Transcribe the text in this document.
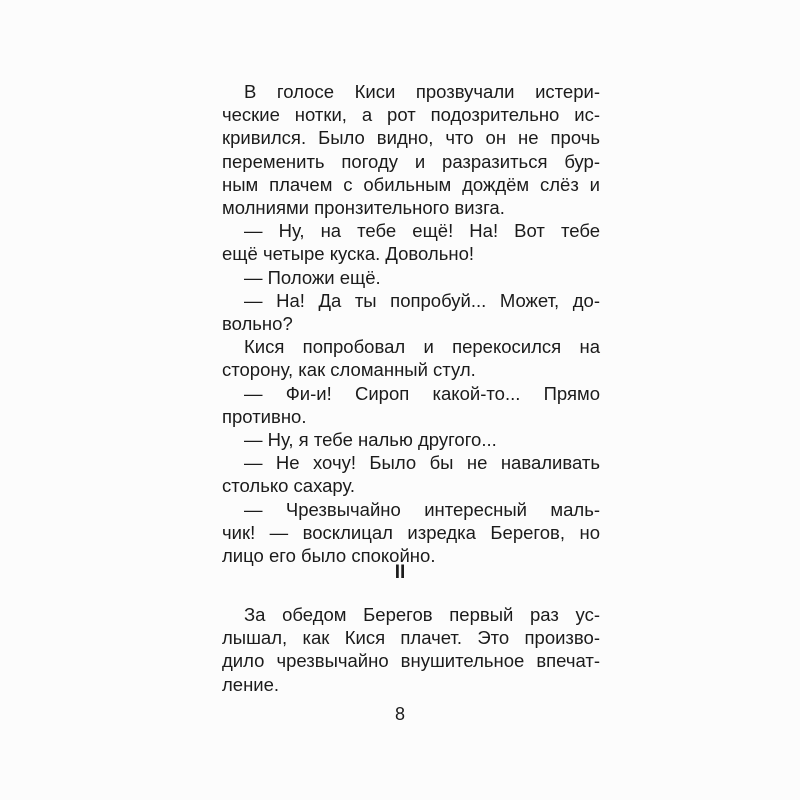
В голосе Киси прозвучали истери-
ческие нотки, а рот подозрительно ис-
кривился. Было видно, что он не прочь
переменить погоду и разразиться бур-
ным плачем с обильным дождём слёз и
молниями пронзительного визга.

— Ну, на тебе ещё! На! Вот тебе
ещё четыре куска. Довольно!

— Положи ещё.

— На! Да ты попробуй... Может, до-
вольно?

Кися попробовал и перекосился на
сторону, как сломанный стул.

— Фи-и! Сироп какой-то... Прямо
противно.

— Ну, я тебе налью другого...

— Не хочу! Было бы не наваливать
столько сахару.

— Чрезвычайно интересный маль-
чик! — восклицал изредка Берегов, но
лицо его было спокойно.

II

За обедом Берегов первый раз ус-
лышал, как Кися плачет. Это произво-
дило чрезвычайно внушительное впечат-
ление.

8
